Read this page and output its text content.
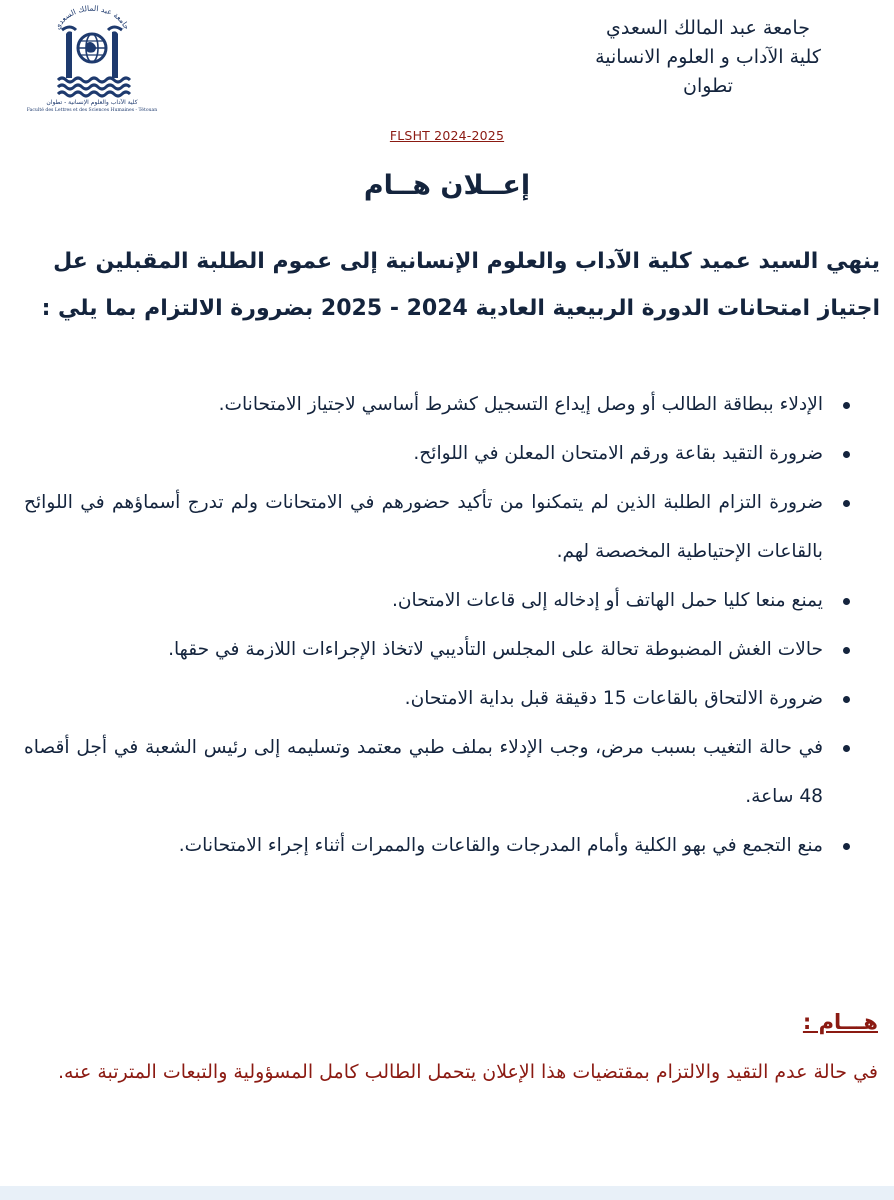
جامعة عبد المالك السعدي
كلية الآداب والعلوم الإنسانية - تطوان
Faculté des Lettres et des Sciences Humaines - Tétouan
جامعة عبد المالك السعدي
كلية الآداب و العلوم الانسانية
تطوان
FLSHT 2024-2025
إعــلان هــام

ينهي السيد عميد كلية الآداب والعلوم الإنسانية إلى عموم الطلبة المقبلين عل

اجتياز امتحانات الدورة الربيعية العادية 2024 - 2025 بضرورة الالتزام بما يلي :

الإدلاء ببطاقة الطالب أو وصل إيداع التسجيل كشرط أساسي لاجتياز الامتحانات.
ضرورة التقيد بقاعة ورقم الامتحان المعلن في اللوائح.
ضرورة التزام الطلبة الذين لم يتمكنوا من تأكيد حضورهم في الامتحانات ولم تدرج أسماؤهم في اللوائح بالقاعات الإحتياطية المخصصة لهم.
يمنع منعا كليا حمل الهاتف أو إدخاله إلى قاعات الامتحان.
حالات الغش المضبوطة تحالة على المجلس التأديبي لاتخاذ الإجراءات اللازمة في حقها.
ضرورة الالتحاق بالقاعات 15 دقيقة قبل بداية الامتحان.
في حالة التغيب بسبب مرض، وجب الإدلاء بملف طبي معتمد وتسليمه إلى رئيس الشعبة في أجل أقصاه 48 ساعة.
منع التجمع في بهو الكلية وأمام المدرجات والقاعات والممرات أثناء إجراء الامتحانات.
هـــام :
في حالة عدم التقيد والالتزام بمقتضيات هذا الإعلان يتحمل الطالب كامل المسؤولية والتبعات المترتبة عنه.
